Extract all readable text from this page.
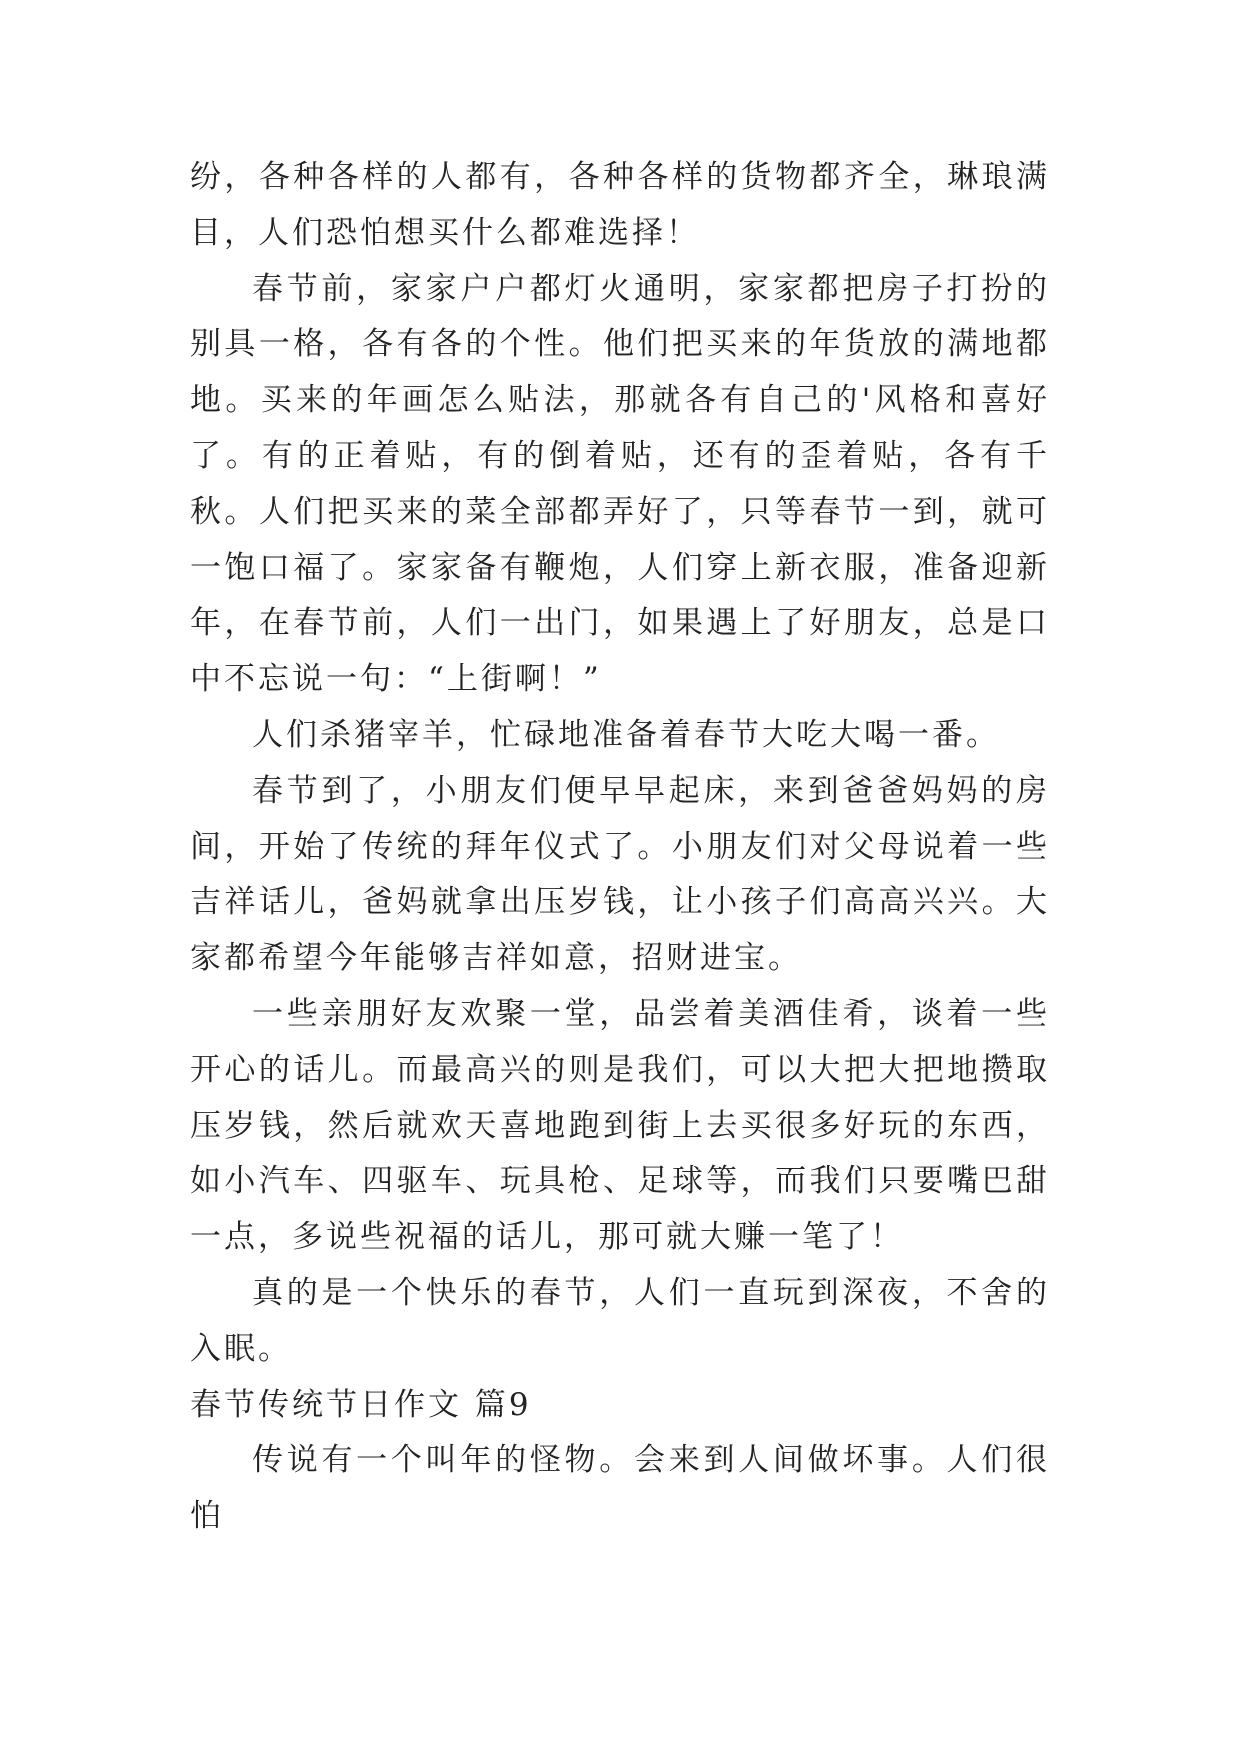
纷，各种各样的人都有，各种各样的货物都齐全，琳琅满目，人们恐怕想买什么都难选择！

春节前，家家户户都灯火通明，家家都把房子打扮的别具一格，各有各的个性。他们把买来的年货放的满地都地。买来的年画怎么贴法，那就各有自己的'风格和喜好了。有的正着贴，有的倒着贴，还有的歪着贴，各有千秋。人们把买来的菜全部都弄好了，只等春节一到，就可一饱口福了。家家备有鞭炮，人们穿上新衣服，准备迎新年，在春节前，人们一出门，如果遇上了好朋友，总是口中不忘说一句：“上街啊！”

人们杀猪宰羊，忙碌地准备着春节大吃大喝一番。

春节到了，小朋友们便早早起床，来到爸爸妈妈的房间，开始了传统的拜年仪式了。小朋友们对父母说着一些吉祥话儿，爸妈就拿出压岁钱，让小孩子们高高兴兴。大家都希望今年能够吉祥如意，招财进宝。

一些亲朋好友欢聚一堂，品尝着美酒佳肴，谈着一些开心的话儿。而最高兴的则是我们，可以大把大把地攒取压岁钱，然后就欢天喜地跑到街上去买很多好玩的东西，如小汽车、四驱车、玩具枪、足球等，而我们只要嘴巴甜一点，多说些祝福的话儿，那可就大赚一笔了！

真的是一个快乐的春节，人们一直玩到深夜，不舍的入眠。

春节传统节日作文 篇9

传说有一个叫年的怪物。会来到人间做坏事。人们很怕
